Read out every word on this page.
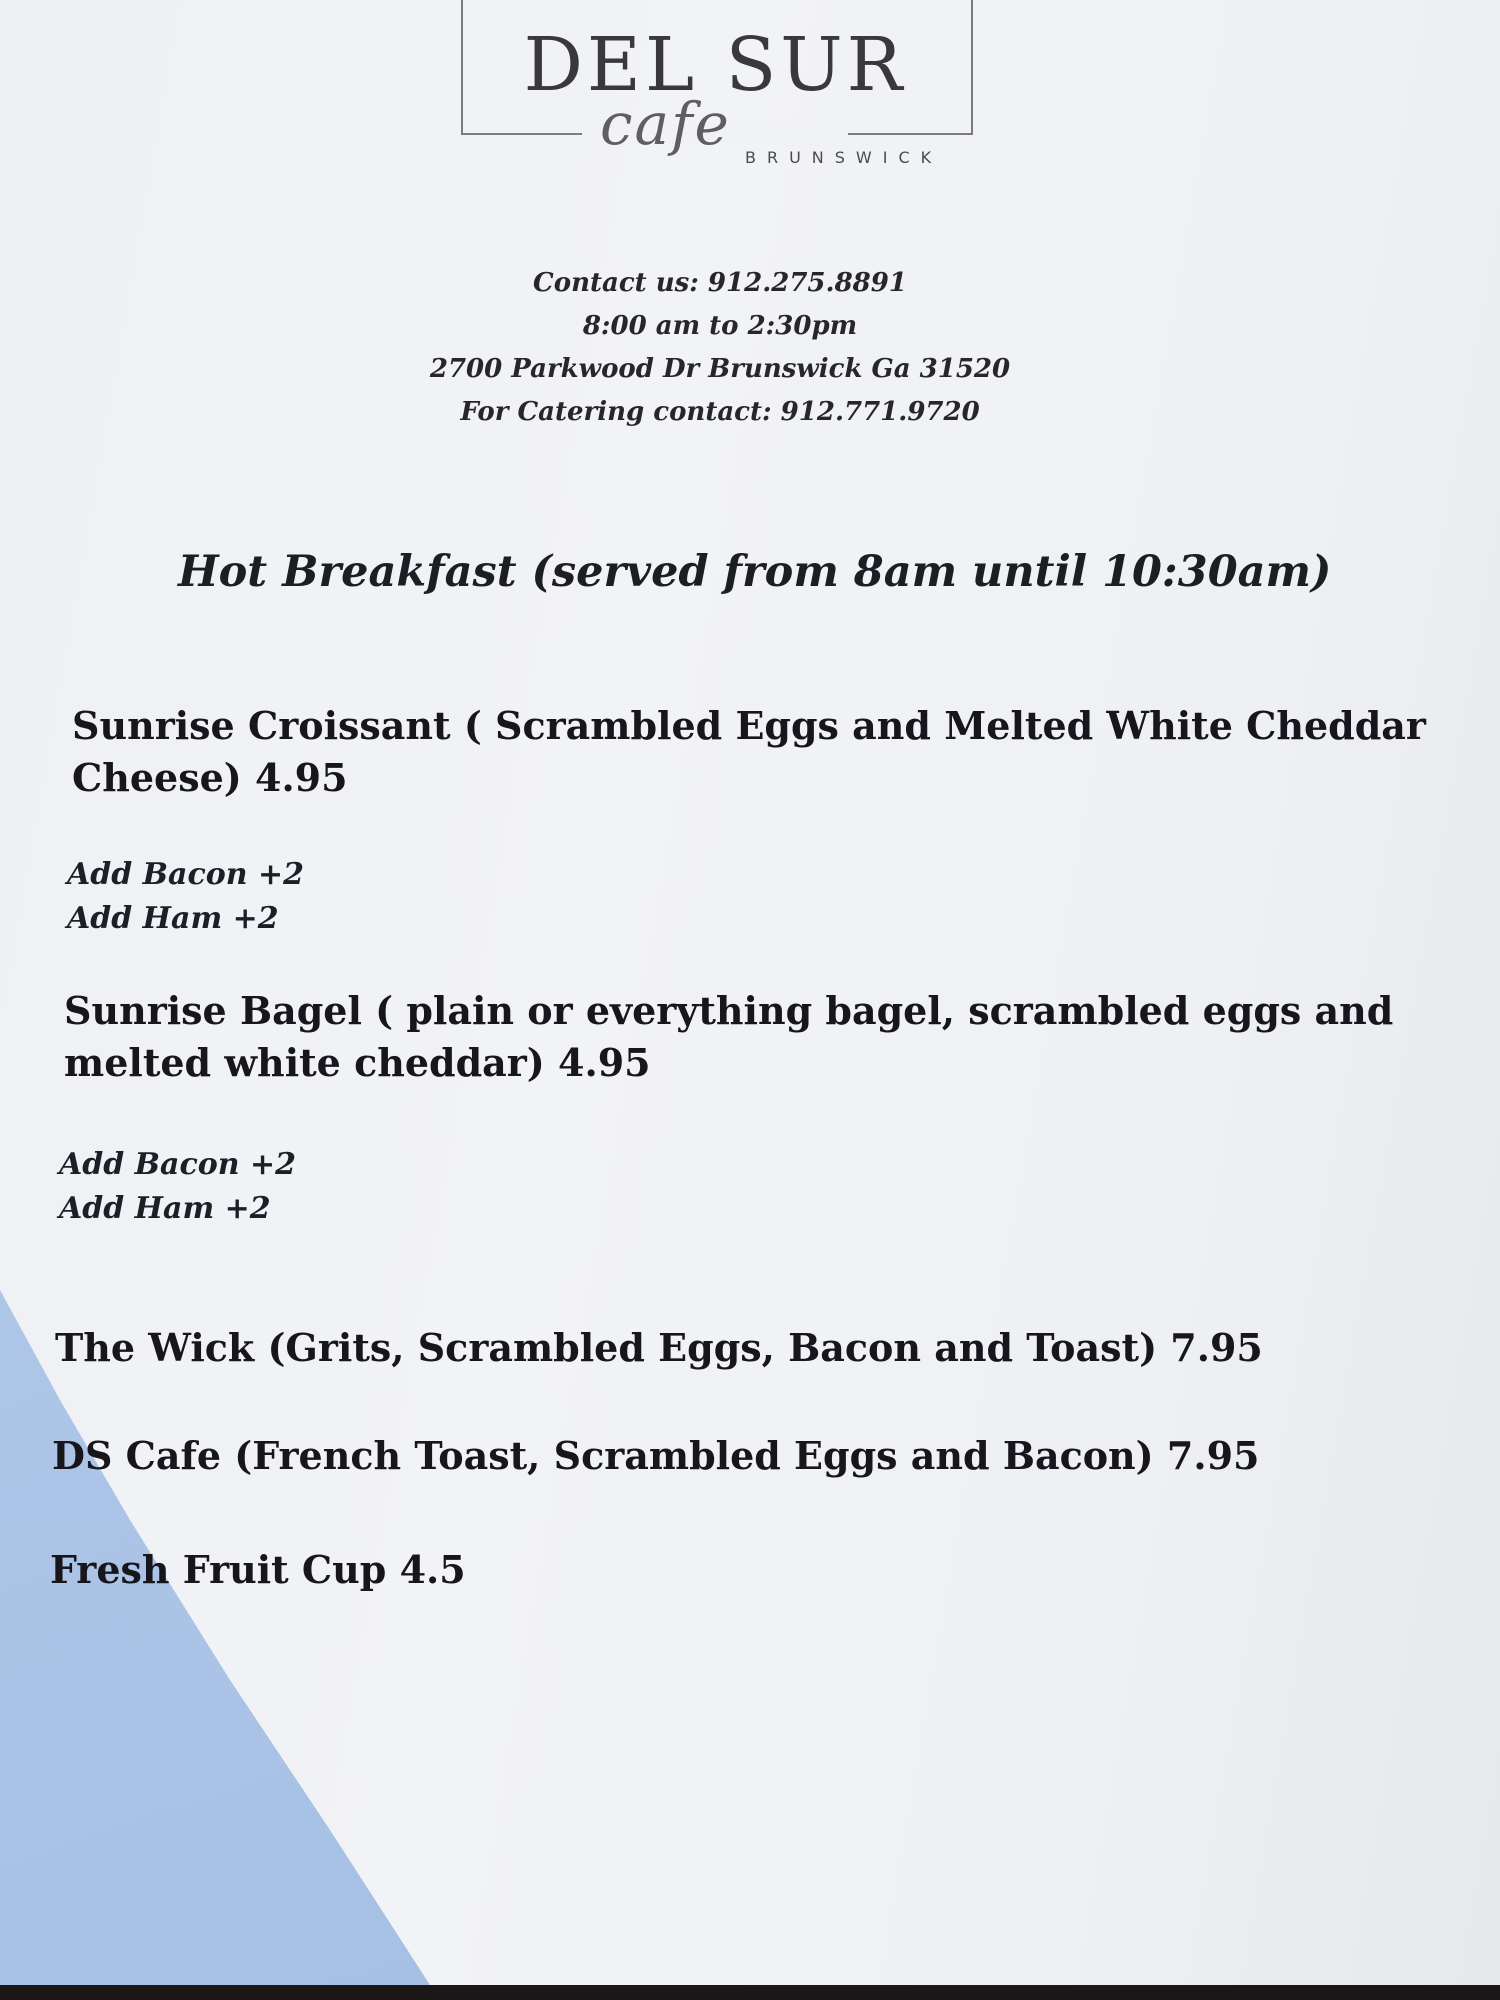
DEL SUR
cafe BRUNSWICK
Contact us: 912.275.8891
8:00 am to 2:30pm
2700 Parkwood Dr Brunswick Ga 31520
For Catering contact: 912.771.9720
Hot Breakfast (served from 8am until 10:30am)
Sunrise Croissant ( Scrambled Eggs and Melted White Cheddar
Cheese) 4.95
Add Bacon +2
Add Ham +2
Sunrise Bagel ( plain or everything bagel, scrambled eggs and
melted white cheddar) 4.95
Add Bacon +2
Add Ham +2
The Wick (Grits, Scrambled Eggs, Bacon and Toast) 7.95
DS Cafe (French Toast, Scrambled Eggs and Bacon) 7.95
Fresh Fruit Cup 4.5
